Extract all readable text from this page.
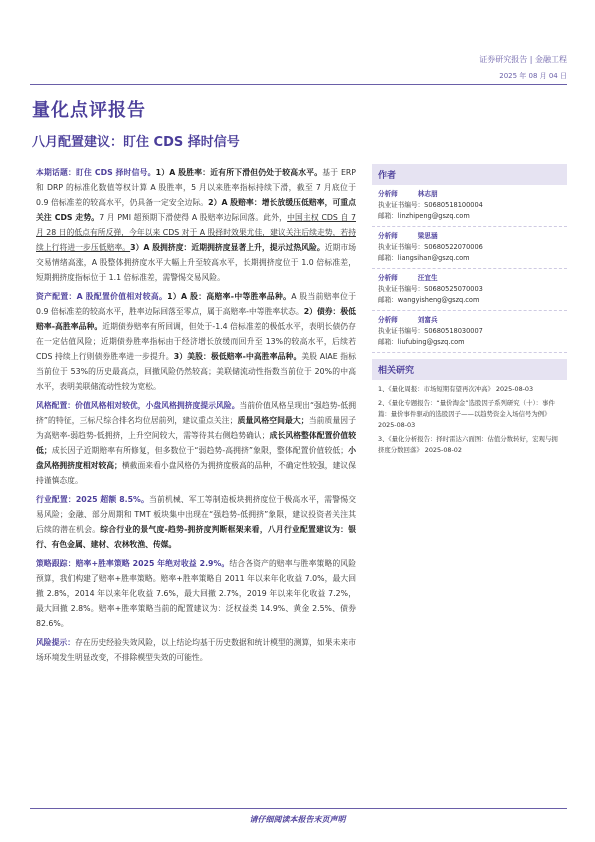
证券研究报告 | 金融工程
2025 年 08 月 04 日
量化点评报告
八月配置建议：盯住 CDS 择时信号

本期话题：盯住 CDS 择时信号。1）A 股胜率：近有所下滑但仍处于较高水平。基于 ERP 和 DRP 的标准化数值等权计算 A 股胜率，5 月以来胜率指标持续下滑，截至 7 月底位于 0.9 倍标准差的较高水平，仍具备一定安全边际。2）A 股赔率：增长放缓压低赔率，可重点关注 CDS 走势。7 月 PMI 超预期下滑使得 A 股赔率边际回落。此外，中国主权 CDS 自 7 月 28 日的低点有所反弹，今年以来 CDS 对于 A 股择时效果尤佳，建议关注后续走势，若持续上行将进一步压低赔率。3）A 股拥挤度：近期拥挤度显著上升，提示过热风险。近期市场交易情绪高涨，A 股整体拥挤度水平大幅上升至较高水平，长期拥挤度位于 1.0 倍标准差，短期拥挤度指标位于 1.1 倍标准差，需警惕交易风险。

资产配置：A 股配置价值相对较高。1）A 股：高赔率-中等胜率品种。A 股当前赔率位于 0.9 倍标准差的较高水平，胜率边际回落至零点，属于高赔率-中等胜率状态。2）债券：极低赔率-高胜率品种。近期债券赔率有所回调，但处于-1.4 倍标准差的极低水平，表明长债仍存在一定估值风险；近期债券胜率指标由于经济增长放缓而回升至 13%的较高水平，后续若 CDS 持续上行则债券胜率进一步提升。3）美股：极低赔率-中高胜率品种。美股 AIAE 指标当前位于 53%的历史最高点，回撤风险仍然较高；美联储流动性指数当前位于 20%的中高水平，表明美联储流动性较为宽松。

风格配置：价值风格相对较优，小盘风格拥挤度提示风险。当前价值风格呈现出“强趋势-低拥挤”的特征，三标尺综合排名均位居前列，建议重点关注；质量风格空间最大；当前质量因子为高赔率-弱趋势-低拥挤，上升空间较大，需等待其右侧趋势确认；成长风格整体配置价值较低；成长因子近期赔率有所修复，但多数位于“弱趋势-高拥挤”象限，整体配置价值较低；小盘风格拥挤度相对较高；横截面来看小盘风格仍为拥挤度极高的品种，不确定性较强，建议保持谨慎态度。

行业配置：2025 超额 8.5%。当前机械、军工等制造板块拥挤度位于极高水平，需警惕交易风险；金融、部分周期和 TMT 板块集中出现在“强趋势-低拥挤”象限，建议投资者关注其后续的潜在机会。综合行业的景气度-趋势-拥挤度判断框架来看，八月行业配置建议为：银行、有色金属、建材、农林牧渔、传媒。

策略跟踪：赔率+胜率策略 2025 年绝对收益 2.9%。结合各资产的赔率与胜率策略的风险预算，我们构建了赔率+胜率策略。赔率+胜率策略自 2011 年以来年化收益 7.0%，最大回撤 2.8%，2014 年以来年化收益 7.6%，最大回撤 2.7%，2019 年以来年化收益 7.2%，最大回撤 2.8%。赔率+胜率策略当前的配置建议为：泛权益类 14.9%、黄金 2.5%、债券 82.6%。

风险提示：存在历史经验失效风险，以上结论均基于历史数据和统计模型的测算，如果未来市场环境发生明显改变，不排除模型失效的可能性。

作者
分析师	林志朋
执业证书编号：S0680518100004
邮箱：linzhipeng@gszq.com
分析师	梁思涵
执业证书编号：S0680522070006
邮箱：liangsihan@gszq.com
分析师	汪宜生
执业证书编号：S0680525070003
邮箱：wangyisheng@gszq.com
分析师	刘富兵
执业证书编号：S0680518030007
邮箱：liufubing@gszq.com
相关研究
1、《量化周报：市场短期有望再次冲高》 2025-08-03
2、《量化专题报告：“量价淘金”选股因子系列研究（十）：事件篇：量价事件驱动的选股因子——以趋势资金入场信号为例》 2025-08-03
3、《量化分析报告：择时雷达六面图：估值分数转好，宏观与拥挤度分数回落》 2025-08-02
请仔细阅读本报告末页声明
